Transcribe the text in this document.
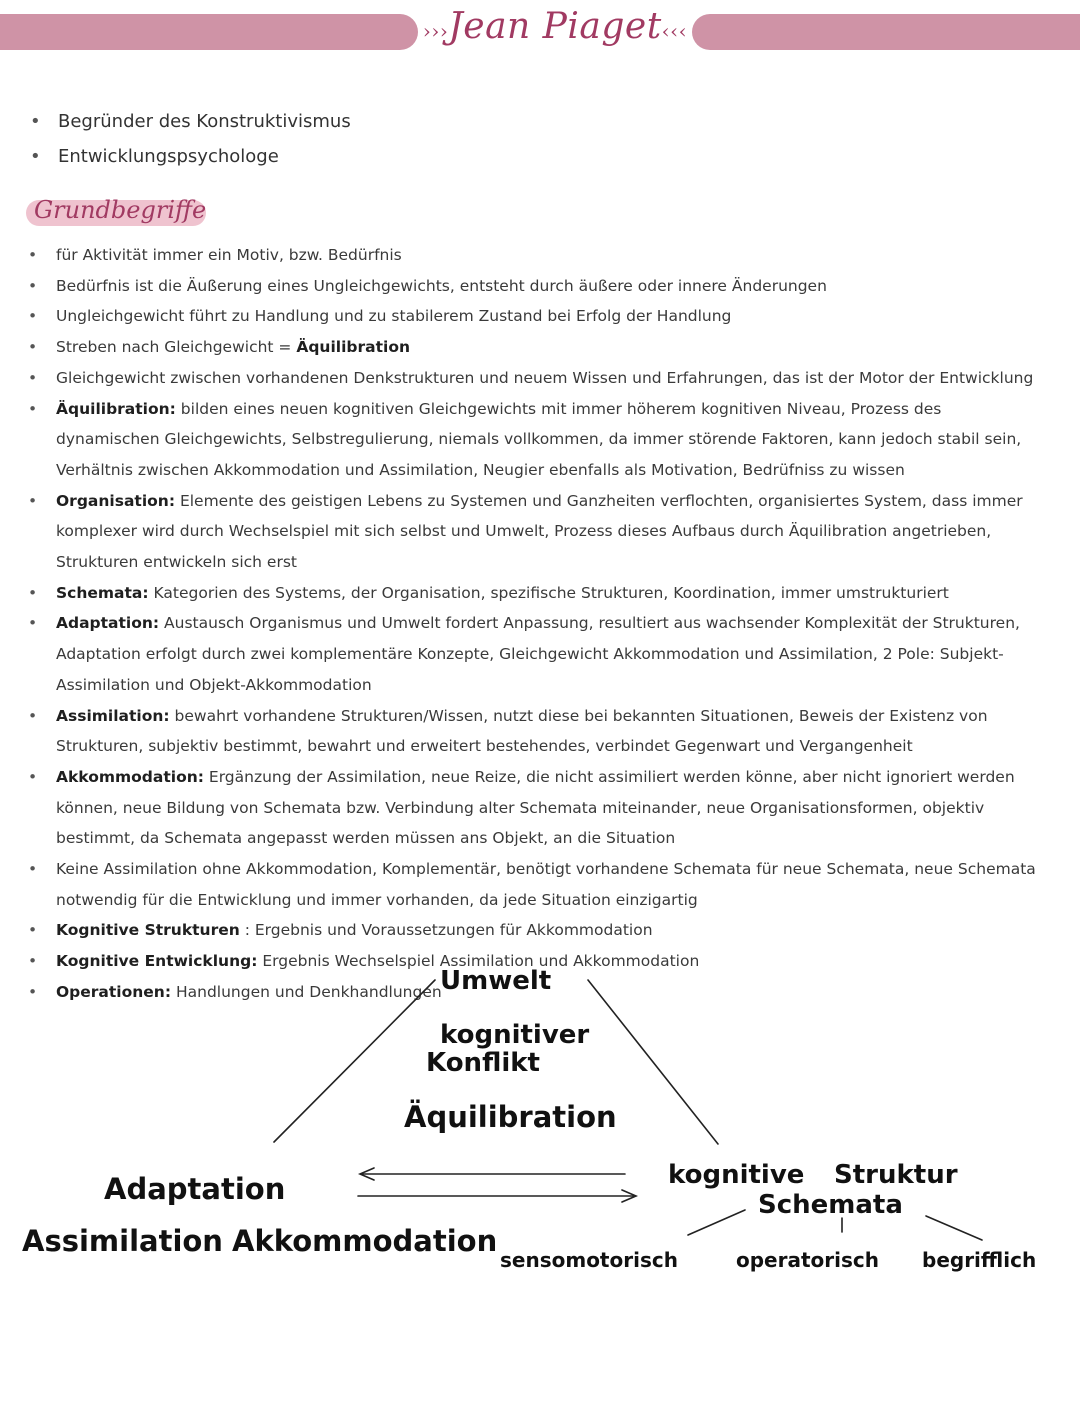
›››Jean Piaget‹‹‹
• Begründer des Konstruktivismus
• Entwicklungspsychologe
Grundbegriffe
• für Aktivität immer ein Motiv, bzw. Bedürfnis
• Bedürfnis ist die Äußerung eines Ungleichgewichts, entsteht durch äußere oder innere Änderungen
• Ungleichgewicht führt zu Handlung und zu stabilerem Zustand bei Erfolg der Handlung
• Streben nach Gleichgewicht = Äquilibration
• Gleichgewicht zwischen vorhandenen Denkstrukturen und neuem Wissen und Erfahrungen, das ist der Motor der Entwicklung
• Äquilibration: bilden eines neuen kognitiven Gleichgewichts mit immer höherem kognitiven Niveau, Prozess des dynamischen Gleichgewichts, Selbstregulierung, niemals vollkommen, da immer störende Faktoren, kann jedoch stabil sein, Verhältnis zwischen Akkommodation und Assimilation, Neugier ebenfalls als Motivation, Bedrüfniss zu wissen
• Organisation: Elemente des geistigen Lebens zu Systemen und Ganzheiten verflochten, organisiertes System, dass immer komplexer wird durch Wechselspiel mit sich selbst und Umwelt, Prozess dieses Aufbaus durch Äquilibration angetrieben, Strukturen entwickeln sich erst
• Schemata: Kategorien des Systems, der Organisation, spezifische Strukturen, Koordination, immer umstrukturiert
• Adaptation: Austausch Organismus und Umwelt fordert Anpassung, resultiert aus wachsender Komplexität der Strukturen, Adaptation erfolgt durch zwei komplementäre Konzepte, Gleichgewicht Akkommodation und Assimilation, 2 Pole: Subjekt-Assimilation und Objekt-Akkommodation
• Assimilation: bewahrt vorhandene Strukturen/Wissen, nutzt diese bei bekannten Situationen, Beweis der Existenz von Strukturen, subjektiv bestimmt, bewahrt und erweitert bestehendes, verbindet Gegenwart und Vergangenheit
• Akkommodation: Ergänzung der Assimilation, neue Reize, die nicht assimiliert werden könne, aber nicht ignoriert werden können, neue Bildung von Schemata bzw. Verbindung alter Schemata miteinander, neue Organisationsformen, objektiv bestimmt, da Schemata angepasst werden müssen ans Objekt, an die Situation
• Keine Assimilation ohne Akkommodation, Komplementär, benötigt vorhandene Schemata für neue Schemata, neue Schemata notwendig für die Entwicklung und immer vorhanden, da jede Situation einzigartig
• Kognitive Strukturen : Ergebnis und Voraussetzungen für Akkommodation
• Kognitive Entwicklung: Ergebnis Wechselspiel Assimilation und Akkommodation
• Operationen: Handlungen und Denkhandlungen
Umwelt
kognitiver
Konflikt
Äquilibration
Adaptation
Assimilation Akkommodation
kognitive Struktur
Schemata
sensomotorisch	operatorisch begrifflich
